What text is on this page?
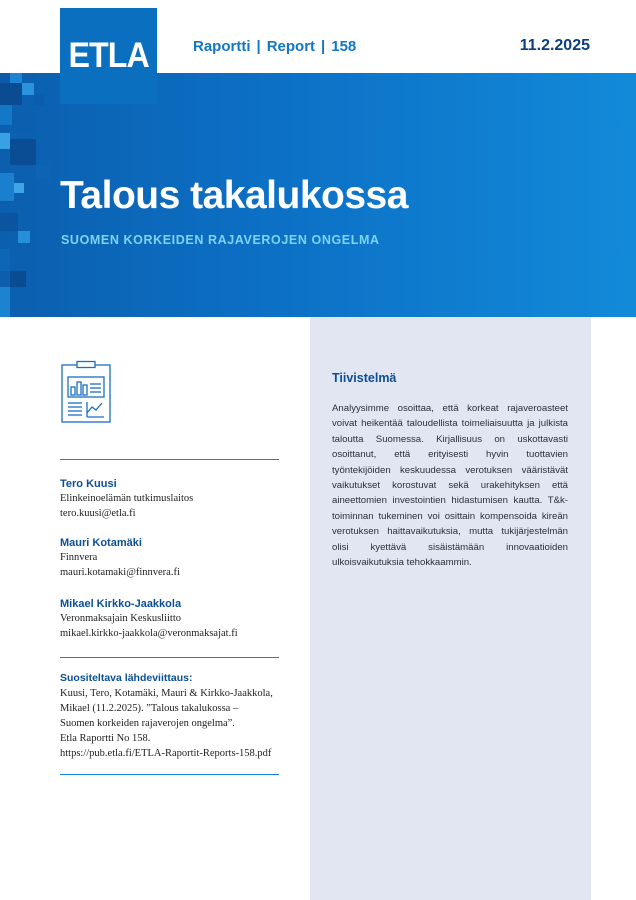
ETLA	Raportti | Report | 158	11.2.2025
Talous takalukossa
SUOMEN KORKEIDEN RAJAVEROJEN ONGELMA
Tiivistelmä

Analyysimme osoittaa, että korkeat rajaveroasteet voivat heikentää taloudellista toimeliaisuutta ja julkista taloutta Suomessa. Kirjallisuus on uskottavasti osoittanut, että erityisesti hyvin tuottavien työntekijöiden keskuudessa verotuksen vääristävät vaikutukset korostuvat sekä urakehityksen että aineettomien investointien hidastumisen kautta. T&k-toiminnan tukeminen voi osittain kompensoida kireän verotuksen haittavaikutuksia, mutta tukijärjestelmän olisi kyettävä sisäistämään innovaatioiden ulkoisvaikutuksia tehokkaammin.

Tero Kuusi
Elinkeinoelämän tutkimuslaitos
tero.kuusi@etla.fi
Mauri Kotamäki
Finnvera
mauri.kotamaki@finnvera.fi
Mikael Kirkko-Jaakkola
Veronmaksajain Keskusliitto
mikael.kirkko-jaakkola@veronmaksajat.fi
Suositeltava lähdeviittaus:

Kuusi, Tero, Kotamäki, Mauri & Kirkko-Jaakkola,
Mikael (11.2.2025). ”Talous takalukossa –
Suomen korkeiden rajaverojen ongelma”.
Etla Raportti No 158.
https://pub.etla.fi/ETLA-Raportit-Reports-158.pdf
